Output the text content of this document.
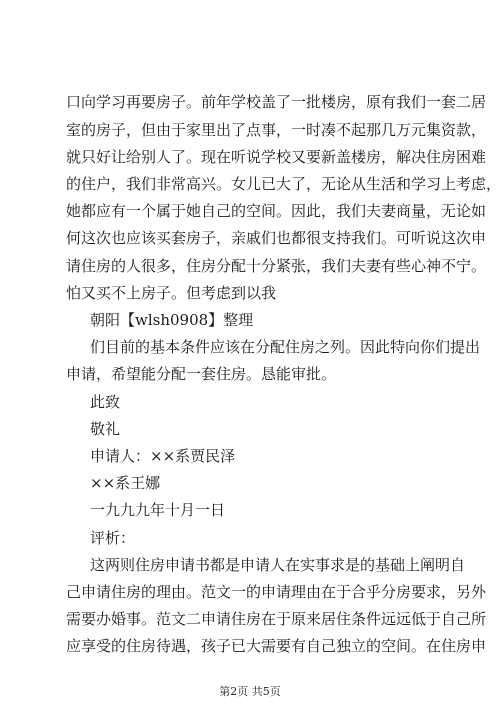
口向学习再要房子。前年学校盖了一批楼房，原有我们一套二居
室的房子，但由于家里出了点事，一时凑不起那几万元集资款，
就只好让给别人了。现在听说学校又要新盖楼房，解决住房困难
的住户，我们非常高兴。女儿已大了，无论从生活和学习上考虑，
她都应有一个属于她自己的空间。因此，我们夫妻商量，无论如
何这次也应该买套房子，亲戚们也都很支持我们。可听说这次申
请住房的人很多，住房分配十分紧张，我们夫妻有些心神不宁。
怕又买不上房子。但考虑到以我
朝阳【wlsh0908】整理
们目前的基本条件应该在分配住房之列。因此特向你们提出
申请，希望能分配一套住房。恳能审批。
此致
敬礼
申请人：××系贾民泽
××系王娜
一九九九年十月一日
评析：
这两则住房申请书都是申请人在实事求是的基础上阐明自
己申请住房的理由。范文一的申请理由在于合乎分房要求，另外
需要办婚事。范文二申请住房在于原来居住条件远远低于自己所
应享受的住房待遇，孩子已大需要有自己独立的空间。在住房申
第2页 共5页
